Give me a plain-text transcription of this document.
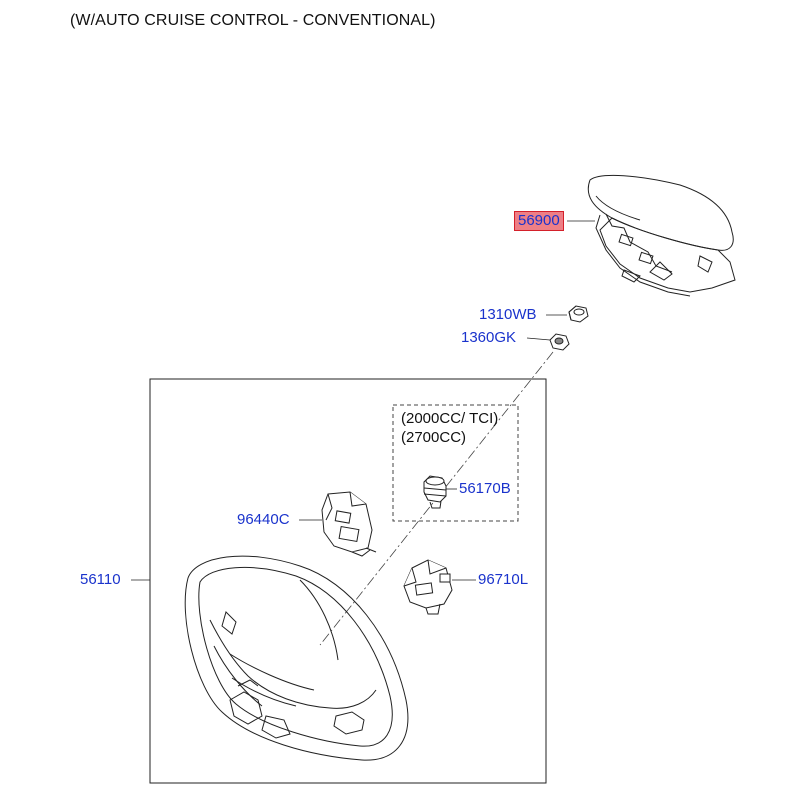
(W/AUTO CRUISE CONTROL - CONVENTIONAL)
56900
1310WB
1360GK
(2000CC/ TCI)
(2700CC)
56170B
96440C
96710L
56110
